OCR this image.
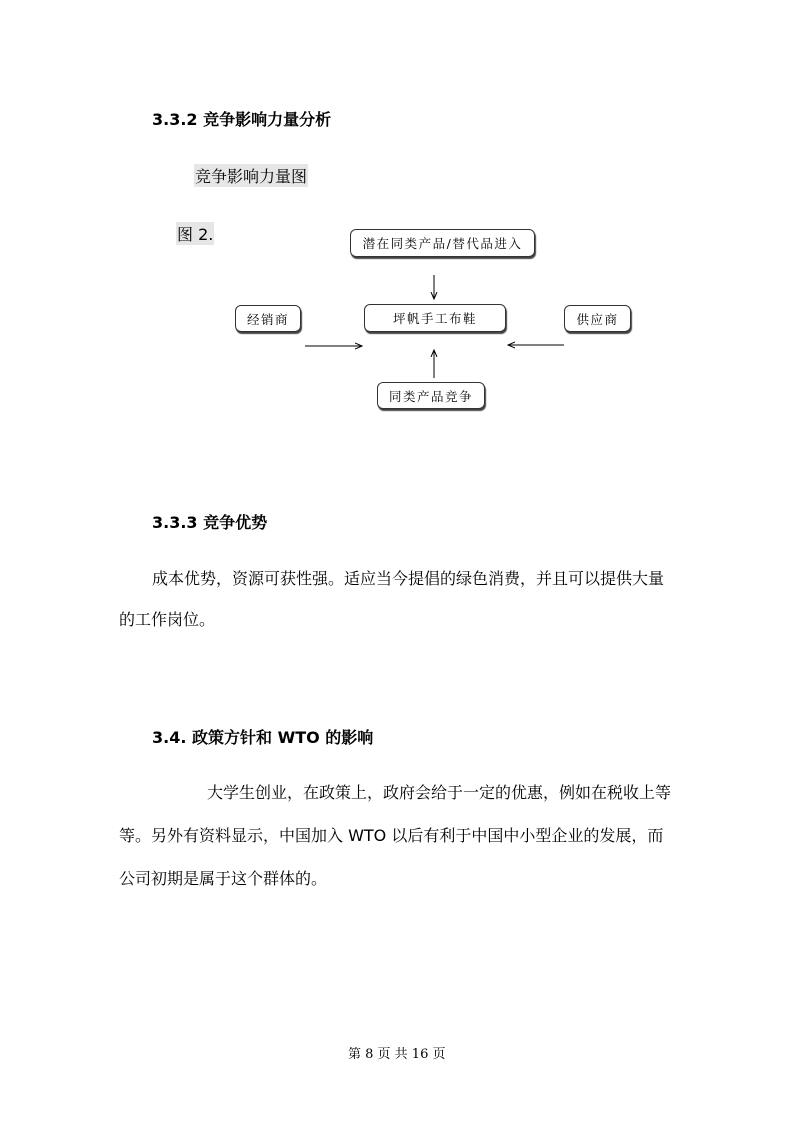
3.3.2 竞争影响力量分析
竞争影响力量图
图 2.	潜在同类产品/替代品进入
坪帆手工布鞋
经销商	供应商
同类产品竞争
3.3.3 竞争优势
成本优势，资源可获性强。适应当今提倡的绿色消费，并且可以提供大量
的工作岗位。
3.4. 政策方针和 WTO 的影响
大学生创业，在政策上，政府会给于一定的优惠，例如在税收上等
等。另外有资料显示，中国加入 WTO 以后有利于中国中小型企业的发展，而
公司初期是属于这个群体的。
第 8 页 共 16 页
